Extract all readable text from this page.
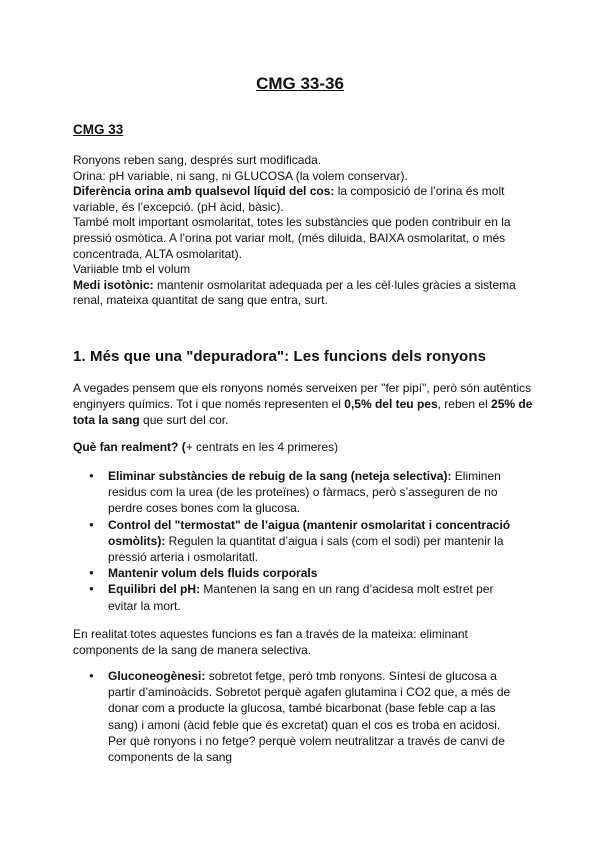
CMG 33-36
CMG 33

Ronyons reben sang, després surt modificada.

Orina: pH variable, ni sang, ni GLUCOSA (la volem conservar).

Diferència orina amb qualsevol líquid del cos: la composició de l’orina és molt variable, és l’excepció. (pH àcid, bàsic).

També molt important osmolaritat, totes les substàncies que poden contribuir en la pressió osmòtica. A l’orina pot variar molt, (més diluida, BAIXA osmolaritat, o més concentrada, ALTA osmolaritat).

Variiable tmb el volum

Medi isotònic: mantenir osmolaritat adequada per a les cèl·lules gràcies a sistema renal, mateixa quantitat de sang que entra, surt.

1. Més que una "depuradora": Les funcions dels ronyons

A vegades pensem que els ronyons només serveixen per "fer pipí", però són autèntics enginyers químics. Tot i que només representen el 0,5% del teu pes, reben el 25% de tota la sang que surt del cor.

Què fan realment? (+ centrats en les 4 primeres)

● Eliminar substàncies de rebuig de la sang (neteja selectiva): Eliminen residus com la urea (de les proteïnes) o fàrmacs, però s’asseguren de no perdre coses bones com la glucosa.
● Control del "termostat" de l’aigua (mantenir osmolaritat i concentració osmòlits): Regulen la quantitat d’aigua i sals (com el sodi) per mantenir la pressió arteria i osmolaritatl.
● Mantenir volum dels fluids corporals
● Equilibri del pH: Mantenen la sang en un rang d’acidesa molt estret per evitar la mort.

En realitat totes aquestes funcions es fan a través de la mateixa: eliminant components de la sang de manera selectiva.

● Gluconeogènesi: sobretot fetge, però tmb ronyons. Síntesi de glucosa a partir d’aminoàcids. Sobretot perquè agafen glutamina i CO2 que, a més de donar com a producte la glucosa, també bicarbonat (base feble cap a las sang) i amoni (àcid feble que és excretat) quan el cos es troba en acidosi. Per què ronyons i no fetge? perquè volem neutralitzar a través de canvi de components de la sang
